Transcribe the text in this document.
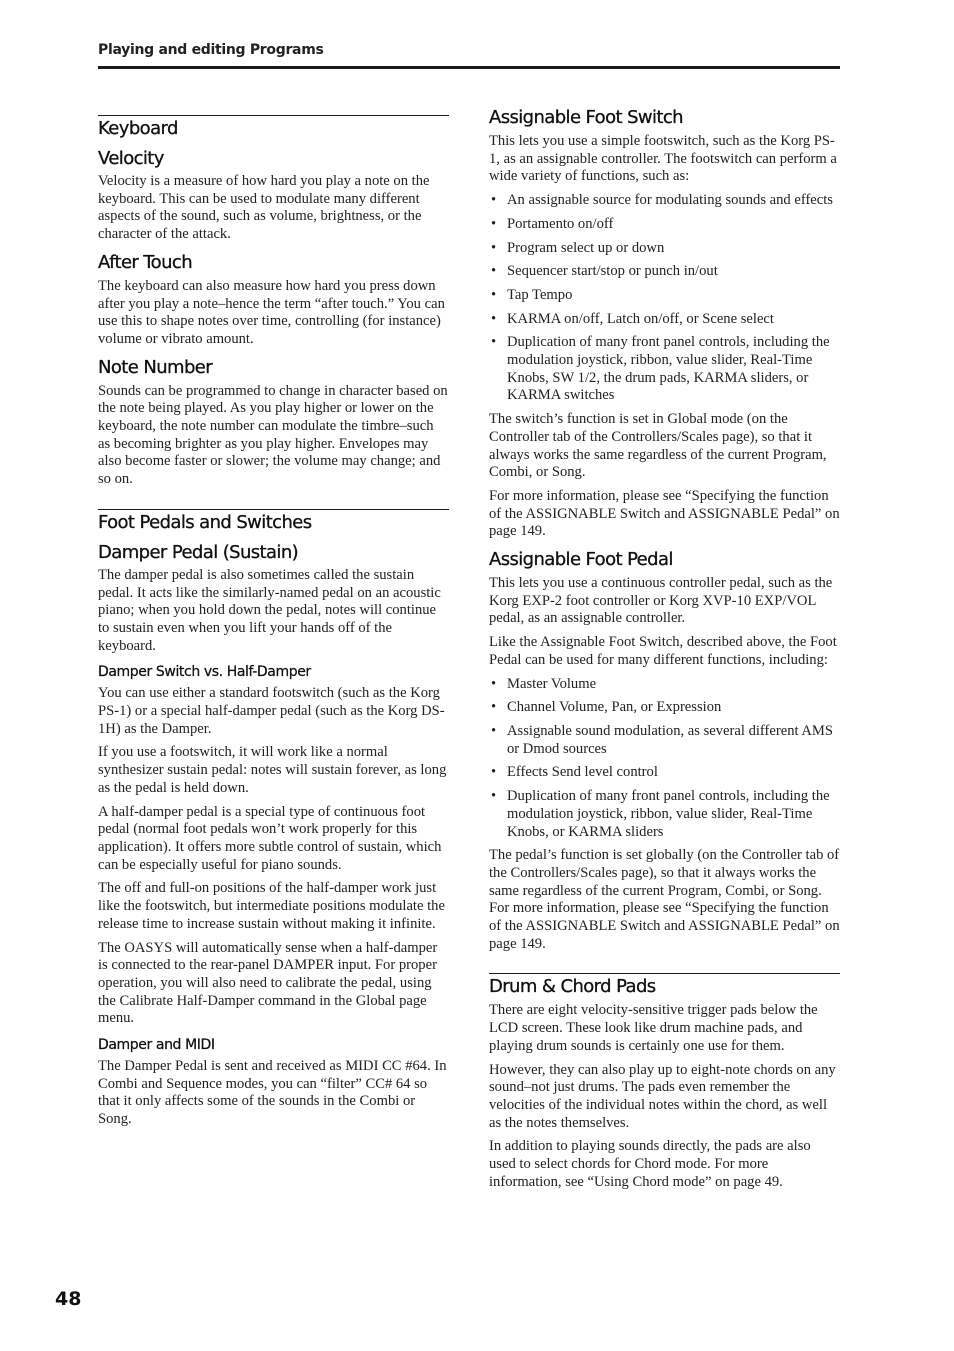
Playing and editing Programs
Keyboard
Velocity

Velocity is a measure of how hard you play a note on the keyboard. This can be used to modulate many different aspects of the sound, such as volume, brightness, or the character of the attack.

After Touch

The keyboard can also measure how hard you press down after you play a note–hence the term “after touch.” You can use this to shape notes over time, controlling (for instance) volume or vibrato amount.

Note Number

Sounds can be programmed to change in character based on the note being played. As you play higher or lower on the keyboard, the note number can modulate the timbre–such as becoming brighter as you play higher. Envelopes may also become faster or slower; the volume may change; and so on.

Foot Pedals and Switches
Damper Pedal (Sustain)

The damper pedal is also sometimes called the sustain pedal. It acts like the similarly-named pedal on an acoustic piano; when you hold down the pedal, notes will continue to sustain even when you lift your hands off of the keyboard.

Damper Switch vs. Half-Damper

You can use either a standard footswitch (such as the Korg PS-1) or a special half-damper pedal (such as the Korg DS-1H) as the Damper.

If you use a footswitch, it will work like a normal synthesizer sustain pedal: notes will sustain forever, as long as the pedal is held down.

A half-damper pedal is a special type of continuous foot pedal (normal foot pedals won’t work properly for this application). It offers more subtle control of sustain, which can be especially useful for piano sounds.

The off and full-on positions of the half-damper work just like the footswitch, but intermediate positions modulate the release time to increase sustain without making it infinite.

The OASYS will automatically sense when a half-damper is connected to the rear-panel DAMPER input. For proper operation, you will also need to calibrate the pedal, using the Calibrate Half-Damper command in the Global page menu.

Damper and MIDI

The Damper Pedal is sent and received as MIDI CC #64. In Combi and Sequence modes, you can “filter” CC# 64 so that it only affects some of the sounds in the Combi or Song.

Assignable Foot Switch

This lets you use a simple footswitch, such as the Korg PS-1, as an assignable controller. The footswitch can perform a wide variety of functions, such as:

• An assignable source for modulating sounds and effects
• Portamento on/off
• Program select up or down
• Sequencer start/stop or punch in/out
• Tap Tempo
• KARMA on/off, Latch on/off, or Scene select
• Duplication of many front panel controls, including the modulation joystick, ribbon, value slider, Real-Time Knobs, SW 1/2, the drum pads, KARMA sliders, or KARMA switches

The switch’s function is set in Global mode (on the Controller tab of the Controllers/Scales page), so that it always works the same regardless of the current Program, Combi, or Song.

For more information, please see “Specifying the function of the ASSIGNABLE Switch and ASSIGNABLE Pedal” on page 149.

Assignable Foot Pedal

This lets you use a continuous controller pedal, such as the Korg EXP-2 foot controller or Korg XVP-10 EXP/VOL pedal, as an assignable controller.

Like the Assignable Foot Switch, described above, the Foot Pedal can be used for many different functions, including:

• Master Volume
• Channel Volume, Pan, or Expression
• Assignable sound modulation, as several different AMS or Dmod sources
• Effects Send level control
• Duplication of many front panel controls, including the modulation joystick, ribbon, value slider, Real-Time Knobs, or KARMA sliders

The pedal’s function is set globally (on the Controller tab of the Controllers/Scales page), so that it always works the same regardless of the current Program, Combi, or Song. For more information, please see “Specifying the function of the ASSIGNABLE Switch and ASSIGNABLE Pedal” on page 149.

Drum & Chord Pads

There are eight velocity-sensitive trigger pads below the LCD screen. These look like drum machine pads, and playing drum sounds is certainly one use for them.

However, they can also play up to eight-note chords on any sound–not just drums. The pads even remember the velocities of the individual notes within the chord, as well as the notes themselves.

In addition to playing sounds directly, the pads are also used to select chords for Chord mode. For more information, see “Using Chord mode” on page 49.

48
